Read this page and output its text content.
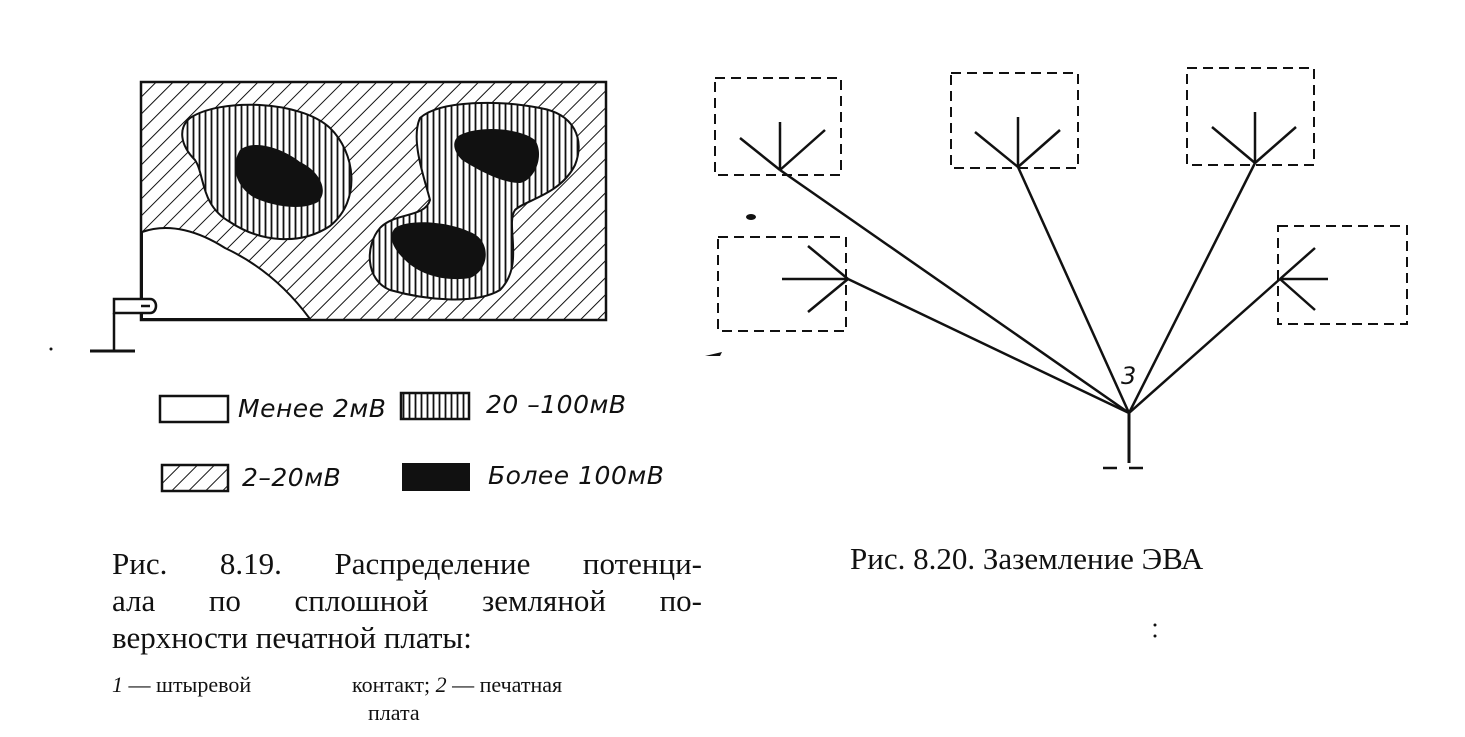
Менее 2мВ	20 –100мВ
2–20мВ	Более 100мВ
3
Рис. 8.19. Распределение потенци-
ала по сплошной земляной по-
верхности печатной платы:
1 — штыревой	контакт; 2 — печатная
плата
Рис. 8.20. Заземление ЭВА
